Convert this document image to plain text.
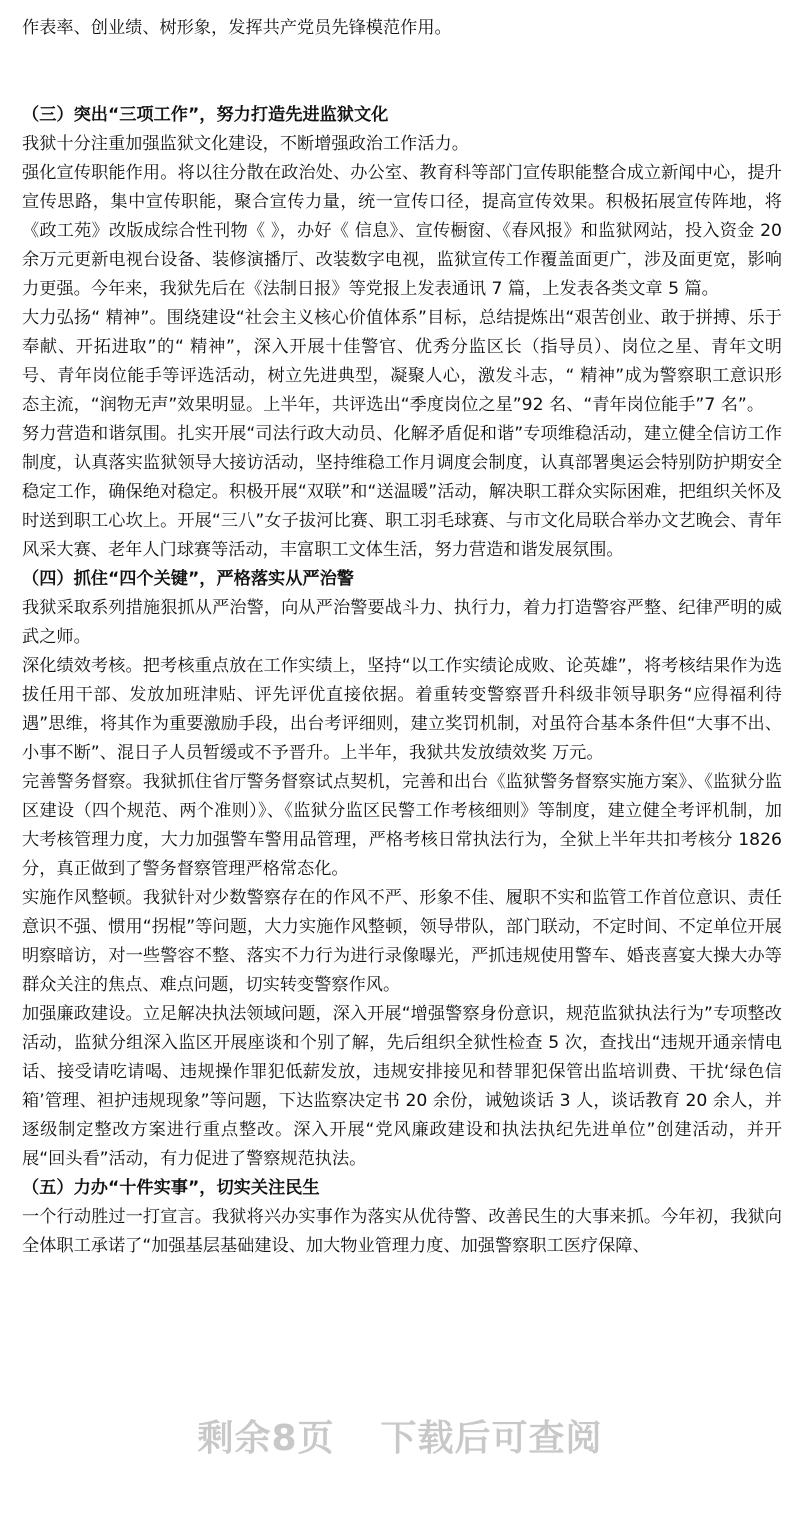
作表率、创业绩、树形象，发挥共产党员先锋模范作用。

（三）突出“三项工作”，努力打造先进监狱文化

我狱十分注重加强监狱文化建设，不断增强政治工作活力。

强化宣传职能作用。将以往分散在政治处、办公室、教育科等部门宣传职能整合成立新闻中心，提升宣传思路，集中宣传职能，聚合宣传力量，统一宣传口径，提高宣传效果。积极拓展宣传阵地，将《政工苑》改版成综合性刊物《 》，办好《 信息》、宣传橱窗、《春风报》和监狱网站，投入资金 20 余万元更新电视台设备、装修演播厅、改装数字电视，监狱宣传工作覆盖面更广，涉及面更宽，影响力更强。今年来，我狱先后在《法制日报》等党报上发表通讯 7 篇，上发表各类文章 5 篇。

大力弘扬“ 精神”。围绕建设“社会主义核心价值体系”目标，总结提炼出“艰苦创业、敢于拼搏、乐于奉献、开拓进取”的“ 精神”，深入开展十佳警官、优秀分监区长（指导员）、岗位之星、青年文明号、青年岗位能手等评选活动，树立先进典型，凝聚人心，激发斗志，“ 精神”成为警察职工意识形态主流，“润物无声”效果明显。上半年，共评选出“季度岗位之星”92 名、“青年岗位能手”7 名”。

努力营造和谐氛围。扎实开展“司法行政大动员、化解矛盾促和谐”专项维稳活动，建立健全信访工作制度，认真落实监狱领导大接访活动，坚持维稳工作月调度会制度，认真部署奥运会特别防护期安全稳定工作，确保绝对稳定。积极开展“双联”和“送温暖”活动，解决职工群众实际困难，把组织关怀及时送到职工心坎上。开展“三八”女子拔河比赛、职工羽毛球赛、与市文化局联合举办文艺晚会、青年风采大赛、老年人门球赛等活动，丰富职工文体生活，努力营造和谐发展氛围。

（四）抓住“四个关键”，严格落实从严治警

我狱采取系列措施狠抓从严治警，向从严治警要战斗力、执行力，着力打造警容严整、纪律严明的威武之师。

深化绩效考核。把考核重点放在工作实绩上，坚持“以工作实绩论成败、论英雄”，将考核结果作为选拔任用干部、发放加班津贴、评先评优直接依据。着重转变警察晋升科级非领导职务“应得福利待遇”思维，将其作为重要激励手段，出台考评细则，建立奖罚机制，对虽符合基本条件但“大事不出、小事不断”、混日子人员暂缓或不予晋升。上半年，我狱共发放绩效奖 万元。

完善警务督察。我狱抓住省厅警务督察试点契机，完善和出台《监狱警务督察实施方案》、《监狱分监区建设（四个规范、两个准则）》、《监狱分监区民警工作考核细则》等制度，建立健全考评机制，加大考核管理力度，大力加强警车警用品管理，严格考核日常执法行为，全狱上半年共扣考核分 1826 分，真正做到了警务督察管理严格常态化。

实施作风整顿。我狱针对少数警察存在的作风不严、形象不佳、履职不实和监管工作首位意识、责任意识不强、惯用“拐棍”等问题，大力实施作风整顿，领导带队，部门联动，不定时间、不定单位开展明察暗访，对一些警容不整、落实不力行为进行录像曝光，严抓违规使用警车、婚丧喜宴大操大办等群众关注的焦点、难点问题，切实转变警察作风。

加强廉政建设。立足解决执法领域问题，深入开展“增强警察身份意识，规范监狱执法行为”专项整改活动，监狱分组深入监区开展座谈和个别了解，先后组织全狱性检查 5 次，查找出“违规开通亲情电话、接受请吃请喝、违规操作罪犯低薪发放，违规安排接见和替罪犯保管出监培训费、干扰‘绿色信箱’管理、袒护违规现象”等问题，下达监察决定书 20 余份，诫勉谈话 3 人，谈话教育 20 余人，并逐级制定整改方案进行重点整改。深入开展“党风廉政建设和执法执纪先进单位”创建活动，并开展“回头看”活动，有力促进了警察规范执法。

（五）力办“十件实事”，切实关注民生

一个行动胜过一打宣言。我狱将兴办实事作为落实从优待警、改善民生的大事来抓。今年初，我狱向全体职工承诺了“加强基层基础建设、加大物业管理力度、加强警察职工医疗保障、

剩余8页 下载后可查阅
